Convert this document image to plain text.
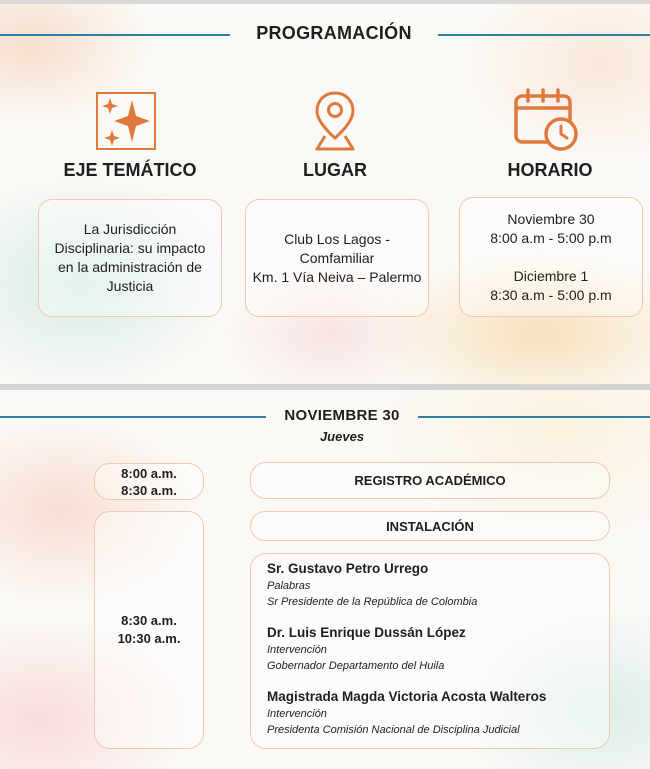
PROGRAMACIÓN
EJE TEMÁTICO	LUGAR	HORARIO
La Jurisdicción
Disciplinaria: su impacto
en la administración de
Justicia
Club Los Lagos -
Comfamiliar
Km. 1 Vía Neiva – Palermo
Noviembre 30
8:00 a.m - 5:00 p.m
Diciembre 1
8:30 a.m - 5:00 p.m
NOVIEMBRE 30
Jueves
8:00 a.m.
8:30 a.m.
8:30 a.m.
10:30 a.m.
REGISTRO ACADÉMICO
INSTALACIÓN
Sr. Gustavo Petro Urrego
Palabras
Sr Presidente de la República de Colombia
Dr. Luis Enrique Dussán López
Intervención
Gobernador Departamento del Huila
Magistrada Magda Victoria Acosta Walteros
Intervención
Presidenta Comisión Nacional de Disciplina Judicial
